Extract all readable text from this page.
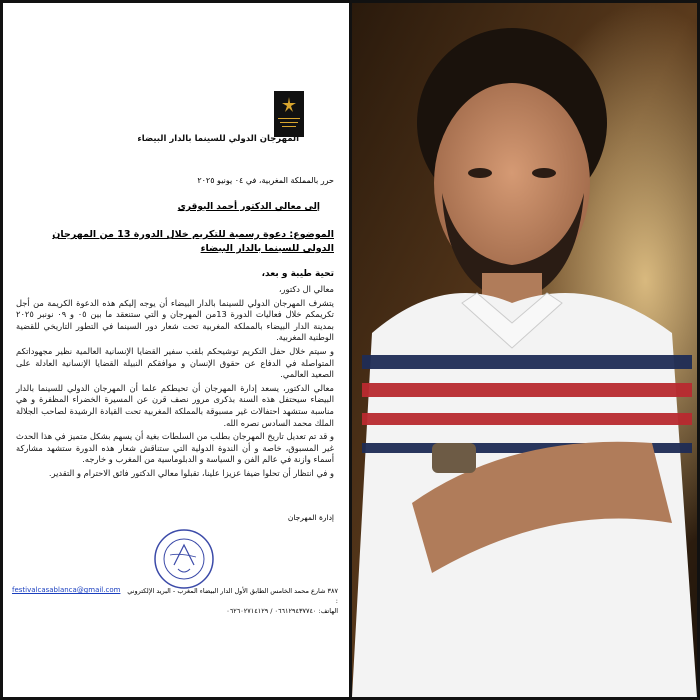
المهرجان الدولي للسينما بالدار البيضاء
حرر بالمملكة المغربية، في ٠٤ يونيو ٢٠٢٥
إلى معالي الدكتور أحمد البوقري
الموضوع: دعوة رسمية للتكريم خلال الدورة 13 من المهرجان الدولي للسينما بالدار البيضاء
تحية طيبة و بعد،

معالي ال دكتور،

يتشرف المهرجان الدولي للسينما بالدار البيضاء أن يوجه إليكم هذه الدعوة الكريمة من أجل تكريمكم خلال فعاليات الدورة 13من المهرجان و التي ستنعقد ما بين ٠٥ و ٠٩ نونبر ٢٠٢٥ بمدينة الدار البيضاء بالمملكة المغربية تحت شعار دور السينما في التطور التاريخي للقضية الوطنية المغربية.

و سيتم خلال حفل التكريم توشيحكم بلقب سفير القضايا الإنسانية العالمية نظير مجهوداتكم المتواصلة في الدفاع عن حقوق الإنسان و موافقكم النبيلة القضايا الإنسانية العادلة على الصعيد العالمي.

معالي الدكتور، يسعد إدارة المهرجان أن تحيطكم علما أن المهرجان الدولي للسينما بالدار البيضاء سيحتفل هذه السنة بذكرى مرور نصف قرن عن المسيرة الخضراء المظفرة و هي مناسبة ستشهد احتفالات غير مسبوقة بالمملكة المغربية تحت القيادة الرشيدة لصاحب الجلالة الملك محمد السادس نصره الله.

و قد تم تعديل تاريخ المهرجان بطلب من السلطات بغية أن يسهم بشكل متميز في هذا الحدث غير المسبوق، خاصة و أن الندوة الدولية التي ستناقش شعار هذه الدورة ستشهد مشاركة أسماء وازنة في عالم الفن و السياسة و الدبلوماسية من المغرب و خارجه.

و في انتظار أن تحلوا ضيفا عزيزا علينا، تقبلوا معالي الدكتور فائق الاحترام و التقدير.

إدارة المهرجان
festivalcasablanca@gmail.com	٣٨٧ شارع محمد الخامس الطابق الأول الدار البيضاء المغرب - البريد الإلكتروني :
الهاتف: ٠٦٦١٢٩٤٣٧٧٤٠ / ٠٦٢٦٠٢٧١٤١٢٩
